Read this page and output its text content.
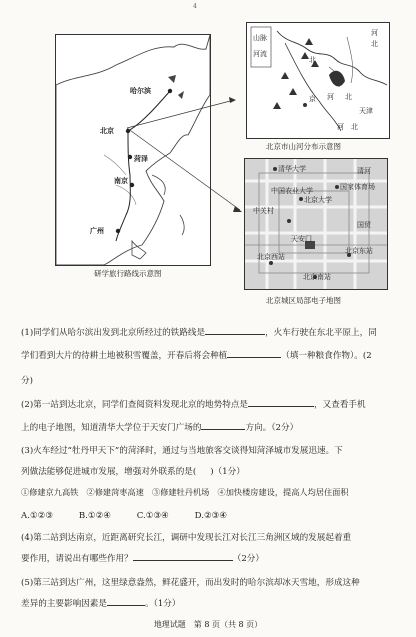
4
哈尔滨
北京
菏泽
南京
广州
研学旅行路线示意图
河
北
山脉
河流
北
京 河 北
天津
河 北
北京市山河分布示意图
清华大学
国家体育场
中国农业大学
北京大学
中关村
清河
天安门
北京东站
北京西站
北京南站
国贸
北京城区局部电子地图
(1)同学们从哈尔滨出发到北京所经过的铁路线是	，火车行驶在东北平原上，同
学们看到大片的待耕土地被积雪覆盖，开春后将会种植	（填一种粮食作物）。(2
分)
(2)第一站到达北京，同学们查阅资料发现北京的地势特点是	，又查看手机
上的电子地图，知道清华大学位于天安门广场的	方向。（2分）
(3)火车经过“牡丹甲天下”的菏泽时，通过与当地旅客交谈得知菏泽城市发展迅速。下
列做法能够促进城市发展，增强对外联系的是( )（1分）
①修建京九高铁　②修建菏枣高速　③修建牡丹机场　④加快楼房建设，提高人均居住面积
A.①②③　　　B.①②④　　　C.①③④　　　D.②③④
(4)第二站到达南京，近距离研究长江，调研中发现长江对长江三角洲区域的发展起着重
要作用，请说出有哪些作用？	（2分）
(5)第三站到达广州，这里绿意盎然，鲜花盛开，而出发时的哈尔滨却冰天雪地，形成这种
差异的主要影响因素是	。（1分）
地理试题　第 8 页（共 8 页）
